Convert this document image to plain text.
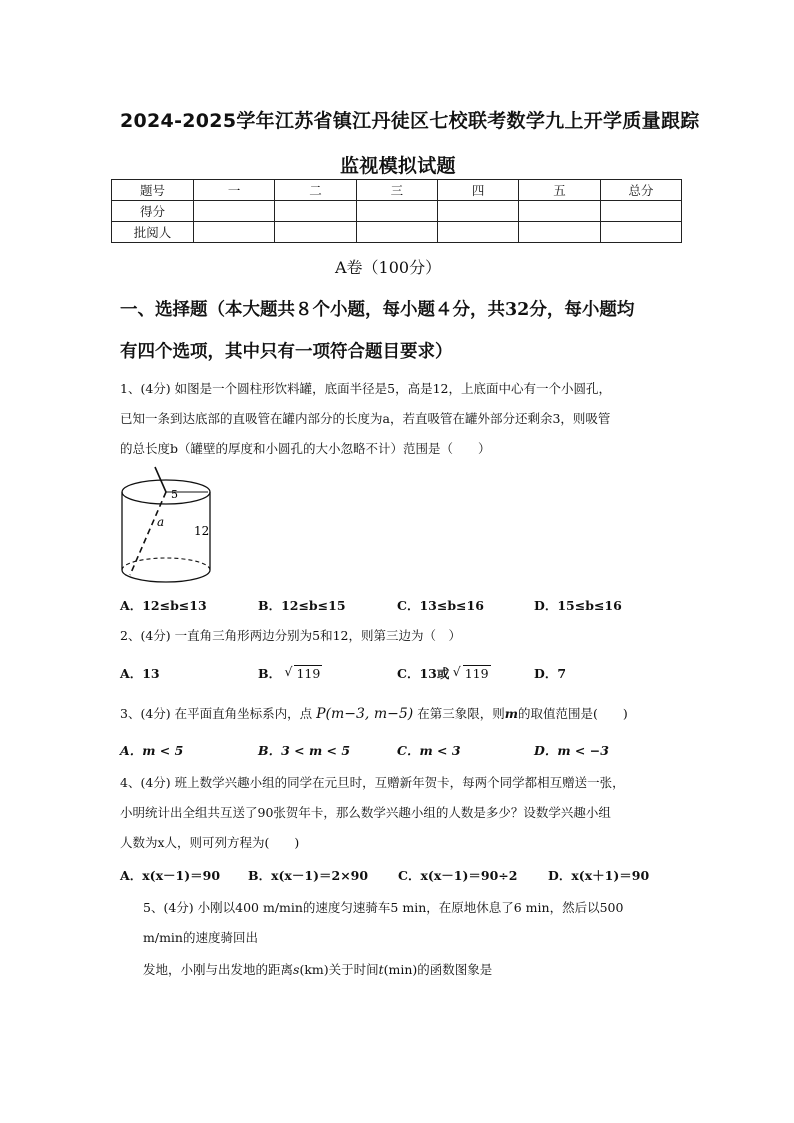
2024-2025学年江苏省镇江丹徒区七校联考数学九上开学质量跟踪
监视模拟试题
题号	一	二	三	四	五	总分
得分						
批阅人						
A卷（100分）
一、选择题（本大题共８个小题，每小题４分，共32分，每小题均
有四个选项，其中只有一项符合题目要求）
1、(4分) 如图是一个圆柱形饮料罐，底面半径是5，高是12，上底面中心有一个小圆孔，
已知一条到达底部的直吸管在罐内部分的长度为a，若直吸管在罐外部分还剩余3，则吸管
的总长度b（罐壁的厚度和小圆孔的大小忽略不计）范围是（　　）
5
a
12
A．12≤b≤13	B．12≤b≤15	C．13≤b≤16	D．15≤b≤16
2、(4分) 一直角三角形两边分别为5和12，则第三边为（　）
A．13	B． √ 119	C．13或 √ 119	D．7
3、(4分) 在平面直角坐标系内，点 P(m−3, m−5) 在第三象限，则m的取值范围是(　　)
A．m < 5	B．3 < m < 5	C．m < 3	D．m < −3
4、(4分) 班上数学兴趣小组的同学在元旦时，互赠新年贺卡，每两个同学都相互赠送一张，
小明统计出全组共互送了90张贺年卡，那么数学兴趣小组的人数是多少？设数学兴趣小组
人数为x人，则可列方程为(　　)
A．x(x－1)＝90 B．x(x－1)＝2×90 C．x(x－1)＝90÷2 D．x(x＋1)＝90
5、(4分) 小刚以400 m/min的速度匀速骑车5 min，在原地休息了6 min，然后以500
m/min的速度骑回出
发地，小刚与出发地的距离s(km)关于时间t(min)的函数图象是
